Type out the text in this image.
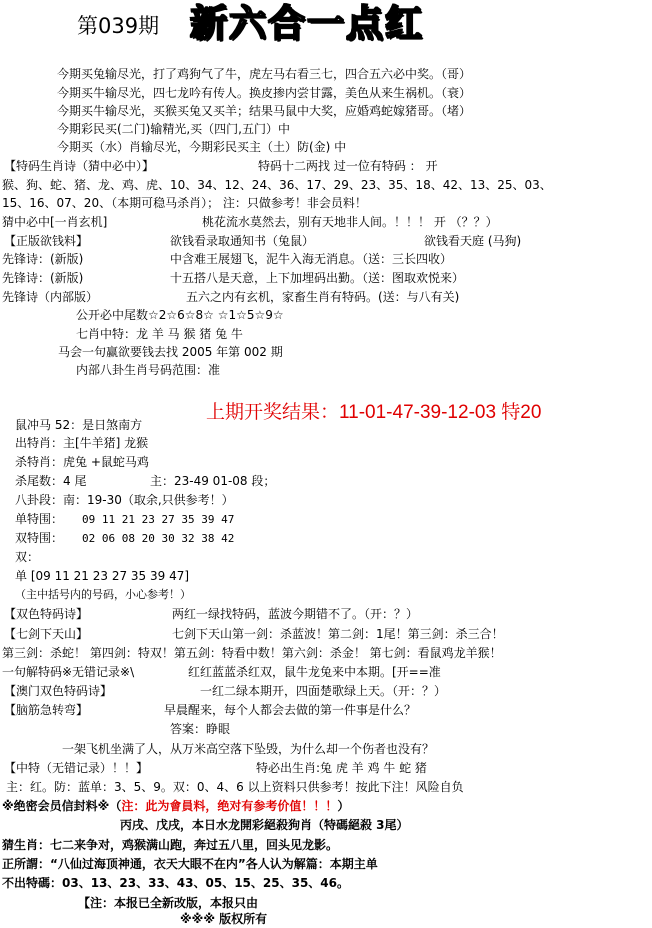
第039期 新六合一点红
今期买兔输尽光，打了鸡狗气了牛，虎左马右看三七，四合五六必中奖。（哥）
今期买牛输尽光，四七龙吟有传人。换皮掺内尝甘露，美色从来生祸机。（衰）
今期买牛输尽光，买猴买兔又买羊；结果马鼠中大奖，应婚鸡蛇嫁猪哥。（堵）
今期彩民买(二门)输精光,买（四门,五门）中
今期买（水）肖输尽光，今期彩民买主（土）防(金) 中
【特码生肖诗（猜中必中）】	特码十二两找 过一位有特码 ： 开
猴、狗、蛇、猪、龙、鸡、虎、10、34、12、24、36、17、29、23、35、18、42、13、25、03、
15、16、07、20、（本期可稳马杀肖）； 注：只做参考！非会员料！
猜中必中[一肖玄机]	桃花流水莫然去，别有天地非人间。！！！ 开 （？？）
【正版欲钱料】	欲钱看录取通知书（兔鼠）	欲钱看天庭 (马狗)
先锋诗：(新版)	中含难王展翅飞，泥牛入海无消息。（送：三长四收）
先锋诗：(新版)	十五搭八是天意，上下加埋码出勤。（送：图取欢悦来）
先锋诗（内部版）	五六之内有玄机，家畜生肖有特码。(送：与八有关)
公开必中尾数☆2☆6☆8☆ ☆1☆5☆9☆
七肖中特：龙 羊 马 猴 猪 兔 牛
马会一句赢欲要钱去找 2005 年第 002 期
内部八卦生肖号码范围：准
上期开奖结果：11-01-47-39-12-03 特20
鼠冲马 52：是日煞南方
出特肖：主[牛羊猪] 龙猴
杀特肖：虎兔 +鼠蛇马鸡
杀尾数：4 尾	主：23-49 01-08 段；
八卦段：南：19-30（取余,只供参考！）
单特围： 09 11 21 23 27 35 39 47
双特围： 02 06 08 20 30 32 38 42
双：
单 [09 11 21 23 27 35 39 47]
（主中括号内的号码，小心参考！）
【双色特码诗】	两红一绿找特码，蓝波今期错不了。（开：？）
【七剑下天山】	七剑下天山第一剑：杀蓝波！第二剑：1尾！第三剑：杀三合！
第三剑：杀蛇！ 第四剑：特双！第五剑：特看中数！第六剑：杀金！ 第七剑：看鼠鸡龙羊猴！
一句解特码※无错记录※\	红红蓝蓝杀红双，鼠牛龙兔来中本期。[开==准
【澳门双色特码诗】	一红二绿本期开，四面楚歌绿上天。（开：？）
【脑筋急转弯】	早晨醒来，每个人都会去做的第一件事是什么？
答案：睁眼
一架飞机坐满了人，从万米高空落下坠毁，为什么却一个伤者也没有？
【中特（无错记录）！！】	特必出生肖:兔 虎 羊 鸡 牛 蛇 猪
主：红。防：蓝单：3、5、9。双：0、4、6 以上资料只供参考！按此下注！风险自负
※绝密会员信封料※（注：此为會員料，绝对有参考价值！！！）
丙戌、戊戌，本日水龙開彩絕殺狗肖（特碼絕殺 3尾）
猜生肖：七二来争对，鸡猴满山跑，奔过五八里，回头见龙影。
正所謂：“八仙过海顶神通，衣天大眼不在内”各人认为解篇：本期主单
不出特碼：03、13、23、33、43、05、15、25、35、46。
【注：本报已全新改版，本报只由
※※※ 版权所有
